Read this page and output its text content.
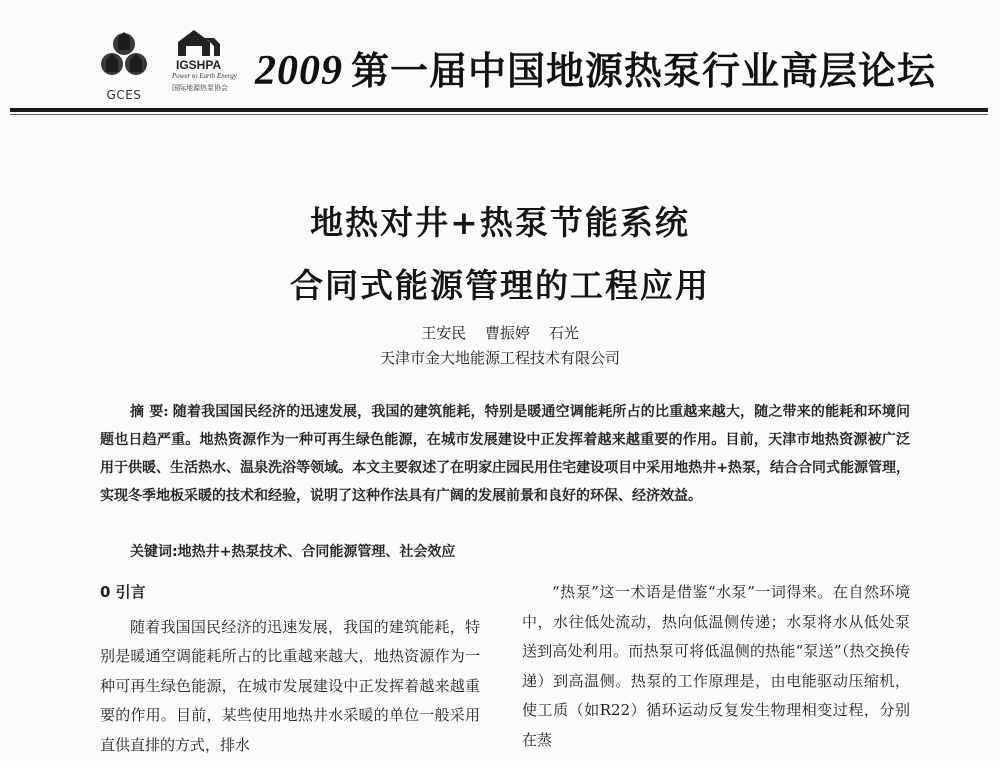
GCES
IGSHPA
Power to Earth Energy
国际地源热泵协会 2009 第一届中国地源热泵行业高层论坛
地热对井+热泵节能系统
合同式能源管理的工程应用
王安民 曹振婷 石光
天津市金大地能源工程技术有限公司
摘 要: 随着我国国民经济的迅速发展，我国的建筑能耗，特别是暖通空调能耗所占的比重越来越大，随之带来的能耗和环境问题也日趋严重。地热资源作为一种可再生绿色能源，在城市发展建设中正发挥着越来越重要的作用。目前，天津市地热资源被广泛用于供暖、生活热水、温泉洗浴等领域。本文主要叙述了在明家庄园民用住宅建设项目中采用地热井+热泵，结合合同式能源管理，实现冬季地板采暖的技术和经验，说明了这种作法具有广阔的发展前景和良好的环保、经济效益。
关键词:地热井+热泵技术、合同能源管理、社会效应
0 引言

随着我国国民经济的迅速发展，我国的建筑能耗，特别是暖通空调能耗所占的比重越来越大，地热资源作为一种可再生绿色能源，在城市发展建设中正发挥着越来越重要的作用。目前，某些使用地热井水采暖的单位一般采用直供直排的方式，排水

“热泵”这一术语是借鉴“水泵”一词得来。在自然环境中，水往低处流动，热向低温侧传递；水泵将水从低处泵送到高处利用。而热泵可将低温侧的热能“泵送”（热交换传递）到高温侧。热泵的工作原理是，由电能驱动压缩机，使工质（如R22）循环运动反复发生物理相变过程，分别在蒸
